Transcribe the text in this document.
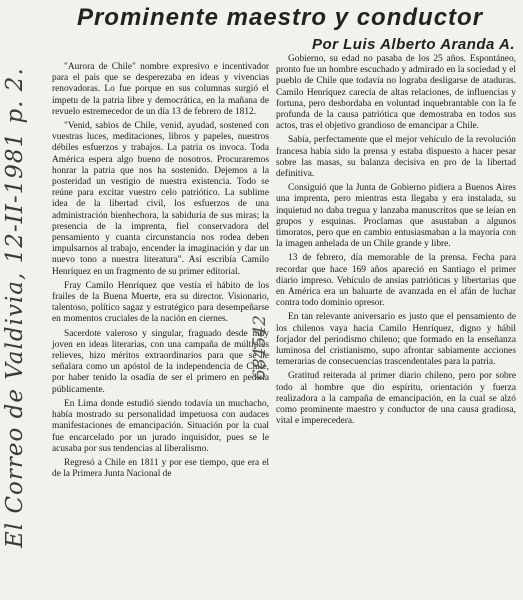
Prominente maestro y conductor
Por Luis Alberto Aranda A.
El Correo de Valdivia, 12-II-1981 p. 2.

"Aurora de Chile" nombre expresivo e incentivador para el país que se desperezaba en ideas y vivencias renovadoras. Lo fue porque en sus columnas surgió el ímpetu de la patria libre y democrática, en la mañana de revuelo estremecedor de un día 13 de febrero de 1812.

"Venid, sabios de Chile, venid, ayudad, sostened con vuestras luces, meditaciones, libros y papeles, nuestros débiles esfuerzos y trabajos. La patria os invoca. Toda América espera algo bueno de nosotros. Procuraremos honrar la patria que nos ha sostenido. Dejemos a la posteridad un vestigio de nuestra existencia. Todo se reúne para excitar vuestro celo patriótico. La sublime idea de la libertad civil, los esfuerzos de una administración bienhechora, la sabiduría de sus miras; la presencia de la imprenta, fiel conservadora del pensamiento y cuanta circunstancia nos rodea deben impulsarnos al trabajo, encender la imaginación y dar un nuevo tono a nuestra literatura". Así escribía Camilo Henríquez en un fragmento de su primer editorial.

Fray Camilo Henríquez que vestía el hábito de los frailes de la Buena Muerte, era su director. Visionario, talentoso, político sagaz y estratégico para desempeñarse en momentos cruciales de la nación en ciernes.

Sacerdote valeroso y singular, fraguado desde muy joven en ideas literarias, con una campaña de múltiples relieves, hizo méritos extraordinarios para que se le señalara como un apóstol de la independencia de Chile, por haber tenido la osadía de ser el primero en pedirla públicamente.

En Lima donde estudió siendo todavía un muchacho, había mostrado su personalidad impetuosa con audaces manifestaciones de emancipación. Situación por la cual fue encarcelado por un jurado inquisidor, pues se le acusaba por sus tendencias al liberalismo.

Regresó a Chile en 1811 y por ese tiempo, que era el de la Primera Junta Nacional de

Gobierno, su edad no pasaba de los 25 años. Espontáneo, pronto fue un hombre escuchado y admirado en la sociedad y el pueblo de Chile que todavía no lograba desligarse de ataduras. Camilo Henríquez carecía de altas relaciones, de influencias y fortuna, pero desbordaba en voluntad inquebrantable con la fe profunda de la causa patriótica que demostraba en todos sus actos, tras el objetivo grandioso de emancipar a Chile.

Sabía, perfectamente que el mejor vehículo de la revolución francesa había sido la prensa y estaba dispuesto a hacer pesar sobre las masas, su balanza decisiva en pro de la libertad definitiva.

Consiguió que la Junta de Gobierno pidiera a Buenos Aires una imprenta, pero mientras esta llegaba y era instalada, su inquietud no daba tregua y lanzaba manuscritos que se leían en grupos y esquinas. Proclamas que asustaban a algunos timoratos, pero que en cambio entusiasmaban a la mayoría con la imagen anhelada de un Chile grande y libre.

13 de febrero, día memorable de la prensa. Fecha para recordar que hace 169 años apareció en Santiago el primer diario impreso. Vehículo de ansias patrióticas y libertarias que en América era un baluarte de avanzada en el afán de luchar contra todo dominio opresor.

En tan relevante aniversario es justo que el pensamiento de los chilenos vaya hacia Camilo Henríquez, digno y hábil forjador del periodismo chileno; que formado en la enseñanza luminosa del cristianismo, supo afrontar sabiamente acciones temerarias de consecuencias trascendentales para la patria.

Gratitud reiterada al primer diario chileno, pero por sobre todo al hombre que dio espíritu, orientación y fuerza realizadora a la campaña de emancipación, en la cual se alzó como prominente maestro y conductor de una causa gradiosa, vital e imperecedera.

684542
